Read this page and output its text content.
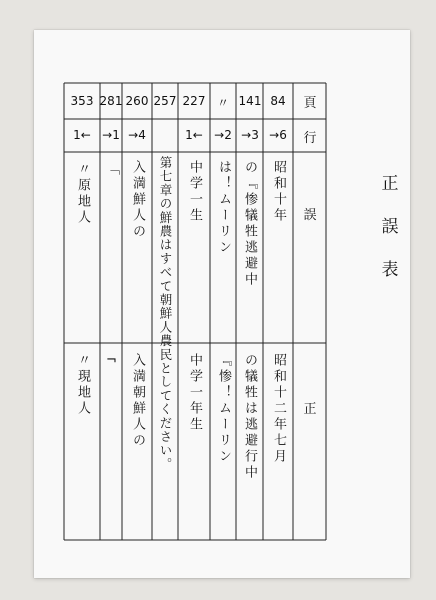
正
誤
表
頁
行
誤
正
84
→6
昭和十年
昭和十二年七月
141
→3
の『惨犠牲逃避中
の犠牲は逃避行中
〃
→2
は！ムーリン
『惨！ムーリン
227
1←
中学一生
中学一年生
257
第七章の鮮農はすべて朝鮮人農民としてください。
260
→4
入満鮮人の
入満朝鮮人の
281
→1
「
¬
353
1←
〃原地人
〃現地人
